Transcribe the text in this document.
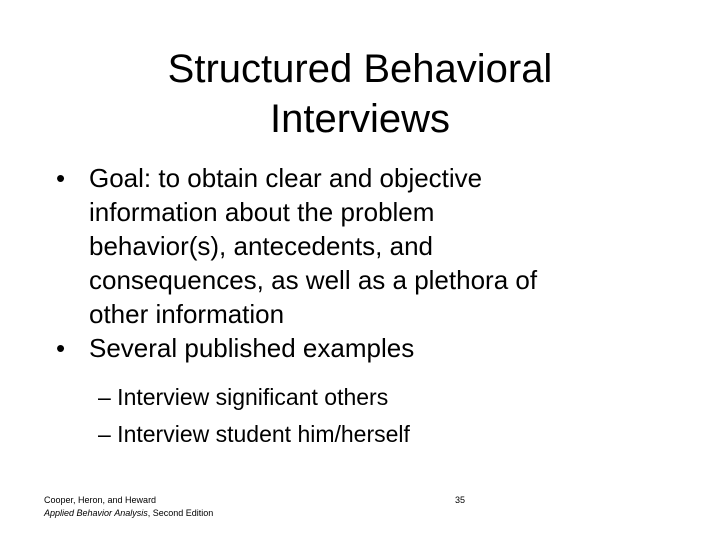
Structured Behavioral
Interviews
• Goal: to obtain clear and objective
information about the problem
behavior(s), antecedents, and
consequences, as well as a plethora of
other information
• Several published examples
– Interview significant others
– Interview student him/herself
Cooper, Heron, and Heward
Applied Behavior Analysis, Second Edition
35
